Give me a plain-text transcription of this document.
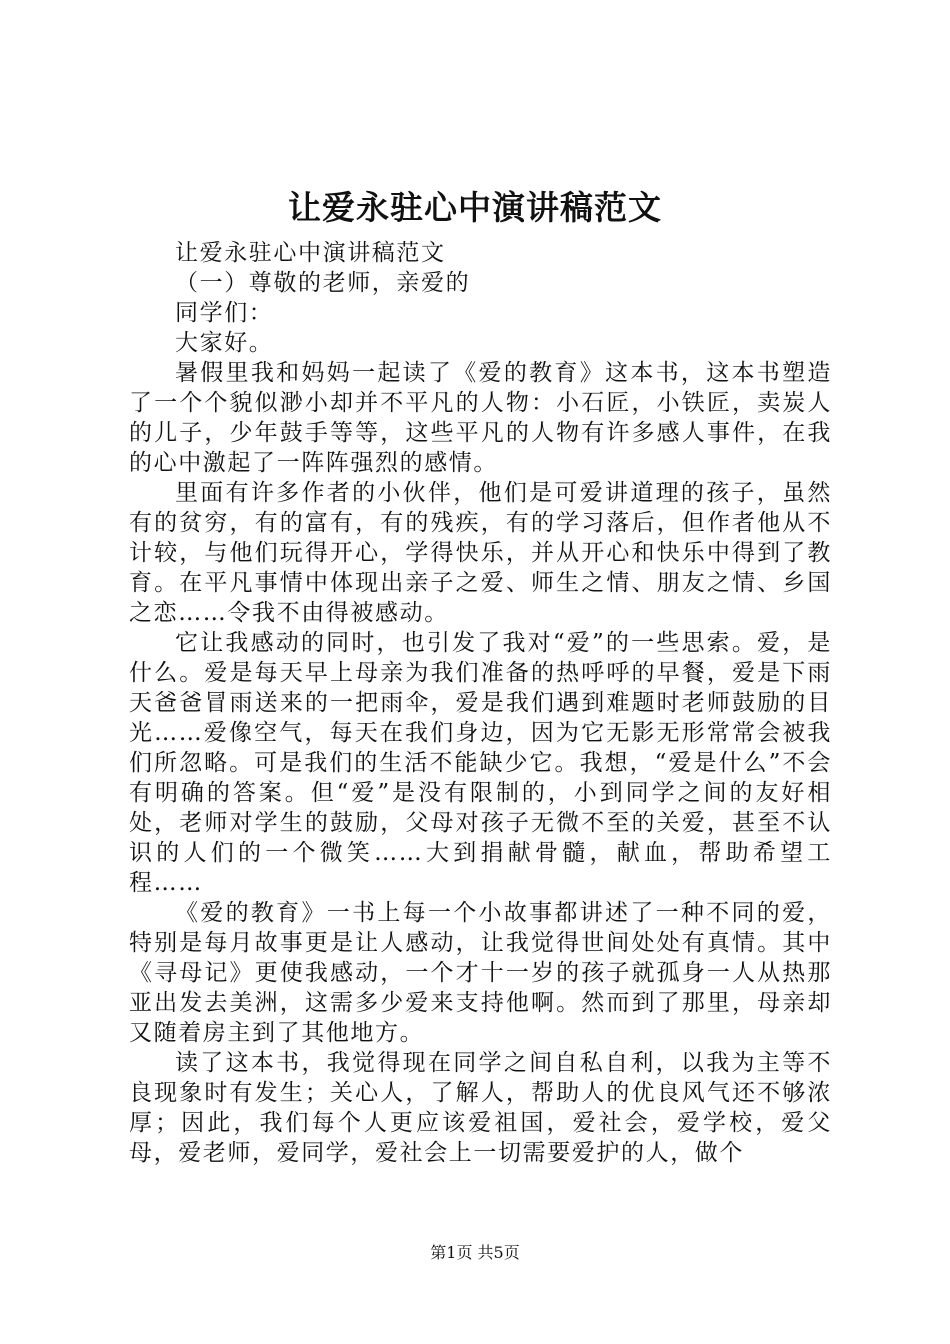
让爱永驻心中演讲稿范文

让爱永驻心中演讲稿范文

（一）尊敬的老师，亲爱的

同学们：

大家好。

暑假里我和妈妈一起读了《爱的教育》这本书，这本书塑造了一个个貌似渺小却并不平凡的人物：小石匠，小铁匠，卖炭人的儿子，少年鼓手等等，这些平凡的人物有许多感人事件，在我的心中激起了一阵阵强烈的感情。

里面有许多作者的小伙伴，他们是可爱讲道理的孩子，虽然有的贫穷，有的富有，有的残疾，有的学习落后，但作者他从不计较，与他们玩得开心，学得快乐，并从开心和快乐中得到了教育。在平凡事情中体现出亲子之爱、师生之情、朋友之情、乡国之恋……令我不由得被感动。

它让我感动的同时，也引发了我对“爱”的一些思索。爱，是什么。爱是每天早上母亲为我们准备的热呼呼的早餐，爱是下雨天爸爸冒雨送来的一把雨伞，爱是我们遇到难题时老师鼓励的目光……爱像空气，每天在我们身边，因为它无影无形常常会被我们所忽略。可是我们的生活不能缺少它。我想，“爱是什么”不会有明确的答案。但“爱”是没有限制的，小到同学之间的友好相处，老师对学生的鼓励，父母对孩子无微不至的关爱，甚至不认识的人们的一个微笑……大到捐献骨髓，献血，帮助希望工程……

《爱的教育》一书上每一个小故事都讲述了一种不同的爱，特别是每月故事更是让人感动，让我觉得世间处处有真情。其中《寻母记》更使我感动，一个才十一岁的孩子就孤身一人从热那亚出发去美洲，这需多少爱来支持他啊。然而到了那里，母亲却又随着房主到了其他地方。

读了这本书，我觉得现在同学之间自私自利，以我为主等不良现象时有发生；关心人，了解人，帮助人的优良风气还不够浓厚；因此，我们每个人更应该爱祖国，爱社会，爱学校，爱父母，爱老师，爱同学，爱社会上一切需要爱护的人，做个

第1页 共5页
